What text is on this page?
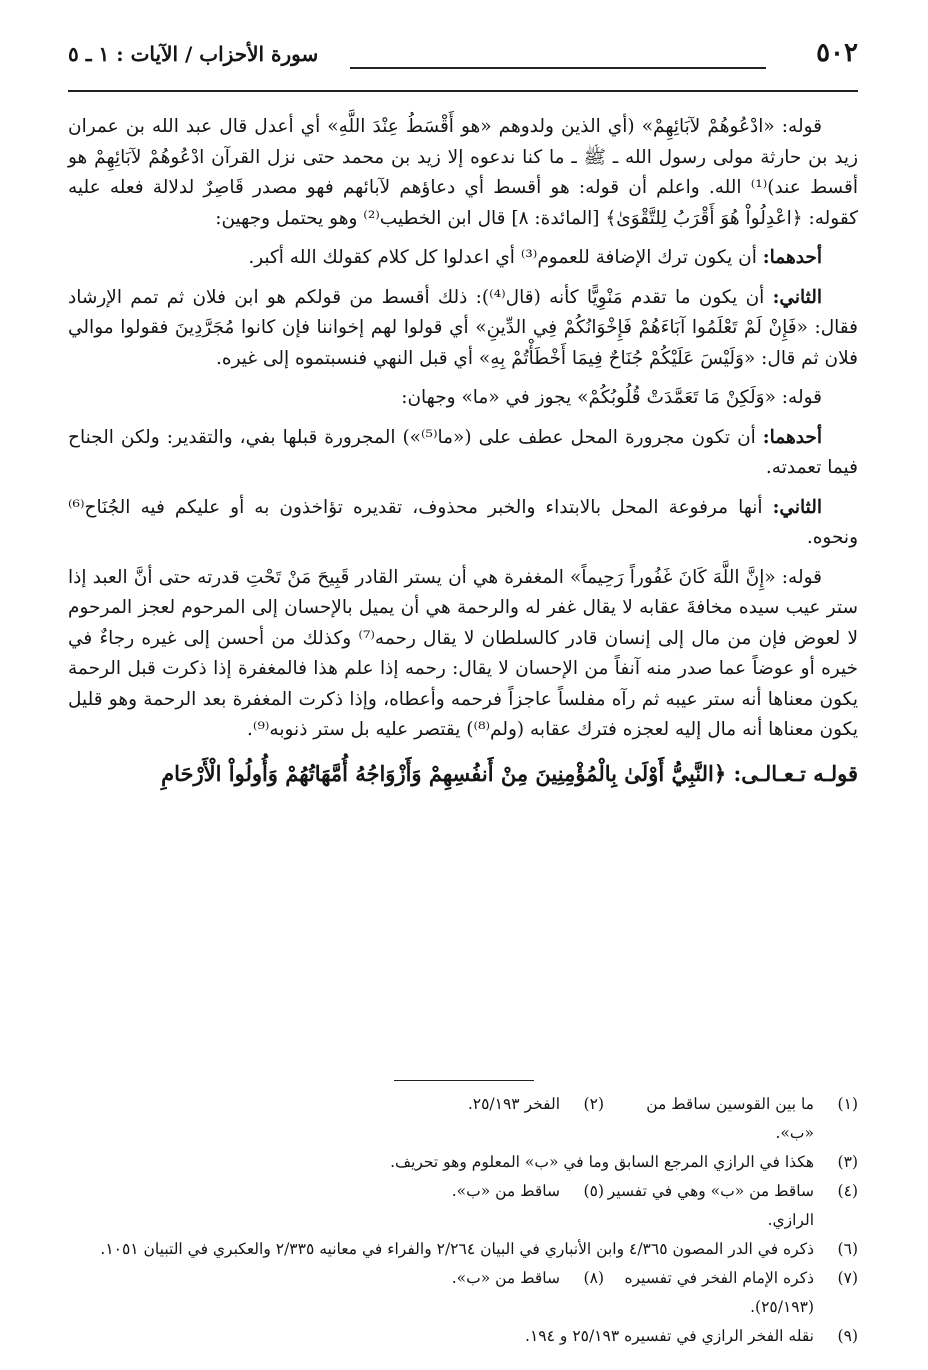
٥٠٢
سورة الأحزاب / الآيات : ١ ـ ٥

قوله: «ادْعُوهُمْ لآبَائِهِمْ» (أي الذين ولدوهم «هو أَقْسَطُ عِنْدَ اللَّهِ» أي أعدل قال عبد الله بن عمران زيد بن حارثة مولى رسول الله ـ ﷺ ـ ما كنا ندعوه إلا زيد بن محمد حتى نزل القرآن ادْعُوهُمْ لآبَائِهِمْ هو أقسط عند)⁽¹⁾ الله. واعلم أن قوله: هو أقسط أي دعاؤهم لآبائهم فهو مصدر قَاصِرٌ لدلالة فعله عليه كقوله: ﴿اعْدِلُواْ هُوَ أَقْرَبُ لِلتَّقْوَىٰ﴾ [المائدة: ٨] قال ابن الخطيب⁽²⁾ وهو يحتمل وجهين:

أحدهما: أن يكون ترك الإضافة للعموم⁽³⁾ أي اعدلوا كل كلام كقولك الله أكبر.

الثاني: أن يكون ما تقدم مَنْوِيًّا كأنه (قال⁽⁴⁾): ذلك أقسط من قولكم هو ابن فلان ثم تمم الإرشاد فقال: «فَإِنْ لَمْ تَعْلَمُوا آبَاءَهُمْ فَإِخْوَانُكُمْ فِي الدِّينِ» أي قولوا لهم إخواننا فإن كانوا مُجَرَّدِينَ فقولوا موالي فلان ثم قال: «وَلَيْسَ عَلَيْكُمْ جُنَاحٌ فِيمَا أَخْطَأْتُمْ بِهِ» أي قبل النهي فنسبتموه إلى غيره.

قوله: «وَلَكِنْ مَا تَعَمَّدَتْ قُلُوبُكُمْ» يجوز في «ما» وجهان:

أحدهما: أن تكون مجرورة المحل عطف على («ما⁽⁵⁾») المجرورة قبلها بفي، والتقدير: ولكن الجناح فيما تعمدته.

الثاني: أنها مرفوعة المحل بالابتداء والخبر محذوف، تقديره تؤاخذون به أو عليكم فيه الجُنَاح⁽⁶⁾ ونحوه.

قوله: «إِنَّ اللَّهَ كَانَ غَفُوراً رَحِيماً» المغفرة هي أن يستر القادر قَبِيحَ مَنْ تَحْتِ قدرته حتى أنَّ العبد إذا ستر عيب سيده مخافةَ عقابه لا يقال غفر له والرحمة هي أن يميل بالإحسان إلى المرحوم لعجز المرحوم لا لعوض فإن من مال إلى إنسان قادر كالسلطان لا يقال رحمه⁽⁷⁾ وكذلك من أحسن إلى غيره رجاءٌ في خيره أو عوضاً عما صدر منه آنفاً من الإحسان لا يقال: رحمه إذا علم هذا فالمغفرة إذا ذكرت قبل الرحمة يكون معناها أنه ستر عيبه ثم رآه مفلساً عاجزاً فرحمه وأعطاه، وإذا ذكرت المغفرة بعد الرحمة وهو قليل يكون معناها أنه مال إليه لعجزه فترك عقابه (ولم⁽⁸⁾) يقتصر عليه بل ستر ذنوبه⁽⁹⁾.

قولـه تـعـالـى: ﴿النَّبِيُّ أَوْلَىٰ بِالْمُؤْمِنِينَ مِنْ أَنفُسِهِمْ وَأَزْوَاجُهُ أُمَّهَاتُهُمْ وَأُولُواْ الْأَرْحَامِ

(١)
ما بين القوسين ساقط من «ب».
(٢)
الفخر ٢٥/١٩٣.
(٣)
هكذا في الرازي المرجع السابق وما في «ب» المعلوم وهو تحريف.
(٤)
ساقط من «ب» وهي في تفسير الرازي.
(٥)
ساقط من «ب».
(٦)
ذكره في الدر المصون ٤/٣٦٥ وابن الأنباري في البيان ٢/٢٦٤ والفراء في معانيه ٢/٣٣٥ والعكبري في التبيان ١٠٥١.
(٧)
ذكره الإمام الفخر في تفسيره (٢٥/١٩٣).
(٨)
ساقط من «ب».
(٩)
نقله الفخر الرازي في تفسيره ٢٥/١٩٣ و ١٩٤.
